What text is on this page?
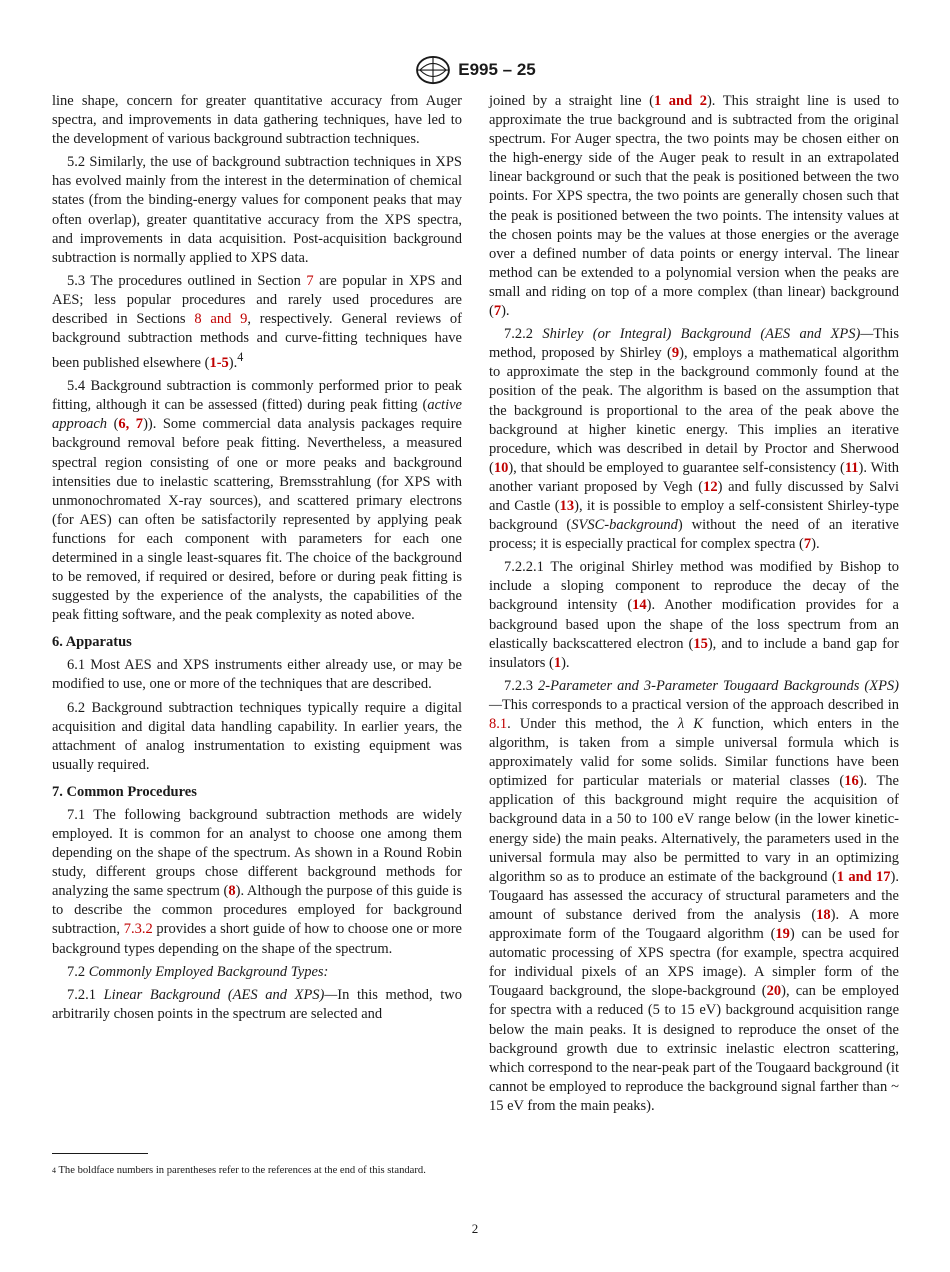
E995 – 25

line shape, concern for greater quantitative accuracy from Auger spectra, and improvements in data gathering techniques, have led to the development of various background subtraction techniques.

5.2 Similarly, the use of background subtraction techniques in XPS has evolved mainly from the interest in the determination of chemical states (from the binding-energy values for component peaks that may often overlap), greater quantitative accuracy from the XPS spectra, and improvements in data acquisition. Post-acquisition background subtraction is normally applied to XPS data.

5.3 The procedures outlined in Section 7 are popular in XPS and AES; less popular procedures and rarely used procedures are described in Sections 8 and 9, respectively. General reviews of background subtraction methods and curve-fitting techniques have been published elsewhere (1-5).$^4$

5.4 Background subtraction is commonly performed prior to peak fitting, although it can be assessed (fitted) during peak fitting (active approach (6, 7)). Some commercial data analysis packages require background removal before peak fitting. Nevertheless, a measured spectral region consisting of one or more peaks and background intensities due to inelastic scattering, Bremsstrahlung (for XPS with unmonochromated X-ray sources), and scattered primary electrons (for AES) can often be satisfactorily represented by applying peak functions for each component with parameters for each one determined in a single least-squares fit. The choice of the background to be removed, if required or desired, before or during peak fitting is suggested by the experience of the analysts, the capabilities of the peak fitting software, and the peak complexity as noted above.

6. Apparatus

6.1 Most AES and XPS instruments either already use, or may be modified to use, one or more of the techniques that are described.

6.2 Background subtraction techniques typically require a digital acquisition and digital data handling capability. In earlier years, the attachment of analog instrumentation to existing equipment was usually required.

7. Common Procedures

7.1 The following background subtraction methods are widely employed. It is common for an analyst to choose one among them depending on the shape of the spectrum. As shown in a Round Robin study, different groups chose different background methods for analyzing the same spectrum (8). Although the purpose of this guide is to describe the common procedures employed for background subtraction, 7.3.2 provides a short guide of how to choose one or more background types depending on the shape of the spectrum.

7.2 Commonly Employed Background Types:

7.2.1 Linear Background (AES and XPS)—In this method, two arbitrarily chosen points in the spectrum are selected and

$^4$ The boldface numbers in parentheses refer to the references at the end of this standard.

joined by a straight line (1 and 2). This straight line is used to approximate the true background and is subtracted from the original spectrum. For Auger spectra, the two points may be chosen either on the high-energy side of the Auger peak to result in an extrapolated linear background or such that the peak is positioned between the two points. For XPS spectra, the two points are generally chosen such that the peak is positioned between the two points. The intensity values at the chosen points may be the values at those energies or the average over a defined number of data points or energy interval. The linear method can be extended to a polynomial version when the peaks are small and riding on top of a more complex (than linear) background (7).

7.2.2 Shirley (or Integral) Background (AES and XPS)—This method, proposed by Shirley (9), employs a mathematical algorithm to approximate the step in the background commonly found at the position of the peak. The algorithm is based on the assumption that the background is proportional to the area of the peak above the background at higher kinetic energy. This implies an iterative procedure, which was described in detail by Proctor and Sherwood (10), that should be employed to guarantee self-consistency (11). With another variant proposed by Vegh (12) and fully discussed by Salvi and Castle (13), it is possible to employ a self-consistent Shirley-type background (SVSC-background) without the need of an iterative process; it is especially practical for complex spectra (7).

7.2.2.1 The original Shirley method was modified by Bishop to include a sloping component to reproduce the decay of the background intensity (14). Another modification provides for a background based upon the shape of the loss spectrum from an elastically backscattered electron (15), and to include a band gap for insulators (1).

7.2.3 2-Parameter and 3-Parameter Tougaard Backgrounds (XPS)—This corresponds to a practical version of the approach described in 8.1. Under this method, the λ K function, which enters in the algorithm, is taken from a simple universal formula which is approximately valid for some solids. Similar functions have been optimized for particular materials or material classes (16). The application of this background might require the acquisition of background data in a 50 to 100 eV range below (in the lower kinetic-energy side) the main peaks. Alternatively, the parameters used in the universal formula may also be permitted to vary in an optimizing algorithm so as to produce an estimate of the background (1 and 17). Tougaard has assessed the accuracy of structural parameters and the amount of substance derived from the analysis (18). A more approximate form of the Tougaard algorithm (19) can be used for automatic processing of XPS spectra (for example, spectra acquired for individual pixels of an XPS image). A simpler form of the Tougaard background, the slope-background (20), can be employed for spectra with a reduced (5 to 15 eV) background acquisition range below the main peaks. It is designed to reproduce the onset of the background growth due to extrinsic inelastic electron scattering, which correspond to the near-peak part of the Tougaard background (it cannot be employed to reproduce the background signal farther than ~ 15 eV from the main peaks).

2
